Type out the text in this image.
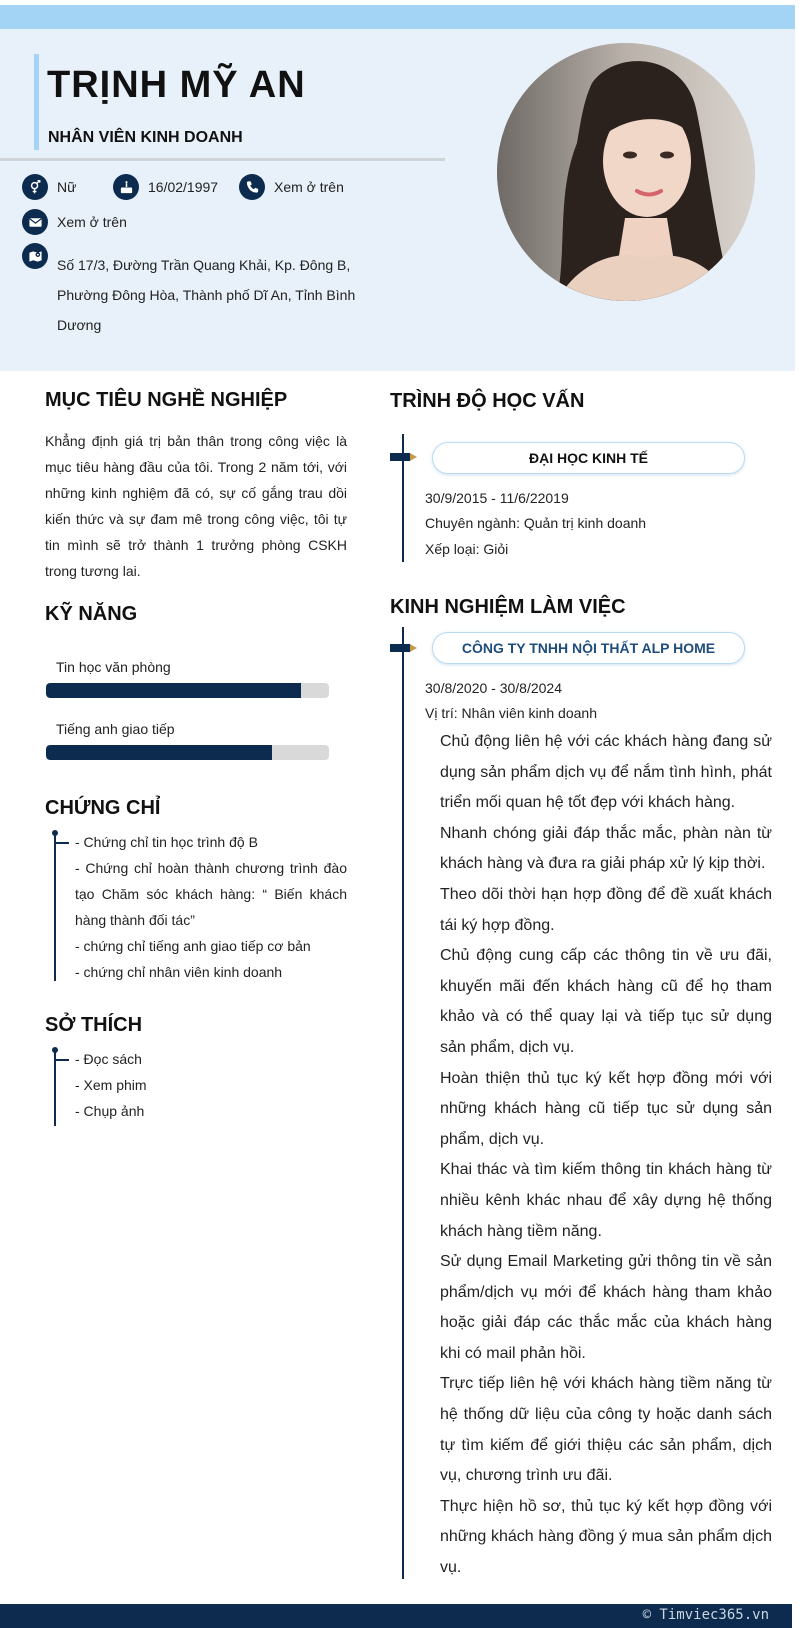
TRỊNH MỸ AN
NHÂN VIÊN KINH DOANH
Nữ	16/02/1997	Xem ở trên
Xem ở trên
Số 17/3, Đường Trần Quang Khải, Kp. Đông B, Phường Đông Hòa, Thành phố Dĩ An, Tỉnh Bình Dương
MỤC TIÊU NGHỀ NGHIỆP
Khẳng định giá trị bản thân trong công việc là mục tiêu hàng đầu của tôi. Trong 2 năm tới, với những kinh nghiệm đã có, sự cố gắng trau dồi kiến thức và sự đam mê trong công việc, tôi tự tin mình sẽ trở thành 1 trưởng phòng CSKH trong tương lai.
KỸ NĂNG
Tin học văn phòng
Tiếng anh giao tiếp
CHỨNG CHỈ
- Chứng chỉ tin học trình độ B
- Chứng chỉ hoàn thành chương trình đào tạo Chăm sóc khách hàng: “ Biến khách hàng thành đối tác”
- chứng chỉ tiếng anh giao tiếp cơ bản
- chứng chỉ nhân viên kinh doanh
SỞ THÍCH
- Đọc sách
- Xem phim
- Chụp ảnh
TRÌNH ĐỘ HỌC VẤN
ĐẠI HỌC KINH TẾ
30/9/2015 - 11/6/22019
Chuyên ngành: Quản trị kinh doanh
Xếp loại: Giỏi
KINH NGHIỆM LÀM VIỆC
CÔNG TY TNHH NỘI THẤT ALP HOME
30/8/2020 - 30/8/2024
Vị trí: Nhân viên kinh doanh
Chủ động liên hệ với các khách hàng đang sử dụng sản phẩm dịch vụ để nắm tình hình, phát triển mối quan hệ tốt đẹp với khách hàng.
Nhanh chóng giải đáp thắc mắc, phàn nàn từ khách hàng và đưa ra giải pháp xử lý kịp thời.
Theo dõi thời hạn hợp đồng để đề xuất khách tái ký hợp đồng.
Chủ động cung cấp các thông tin về ưu đãi, khuyến mãi đến khách hàng cũ để họ tham khảo và có thể quay lại và tiếp tục sử dụng sản phẩm, dịch vụ.
Hoàn thiện thủ tục ký kết hợp đồng mới với những khách hàng cũ tiếp tục sử dụng sản phẩm, dịch vụ.
Khai thác và tìm kiếm thông tin khách hàng từ nhiều kênh khác nhau để xây dựng hệ thống khách hàng tiềm năng.
Sử dụng Email Marketing gửi thông tin về sản phẩm/dịch vụ mới để khách hàng tham khảo hoặc giải đáp các thắc mắc của khách hàng khi có mail phản hồi.
Trực tiếp liên hệ với khách hàng tiềm năng từ hệ thống dữ liệu của công ty hoặc danh sách tự tìm kiếm để giới thiệu các sản phẩm, dịch vụ, chương trình ưu đãi.
Thực hiện hồ sơ, thủ tục ký kết hợp đồng với những khách hàng đồng ý mua sản phẩm dịch vụ.
© Timviec365.vn
